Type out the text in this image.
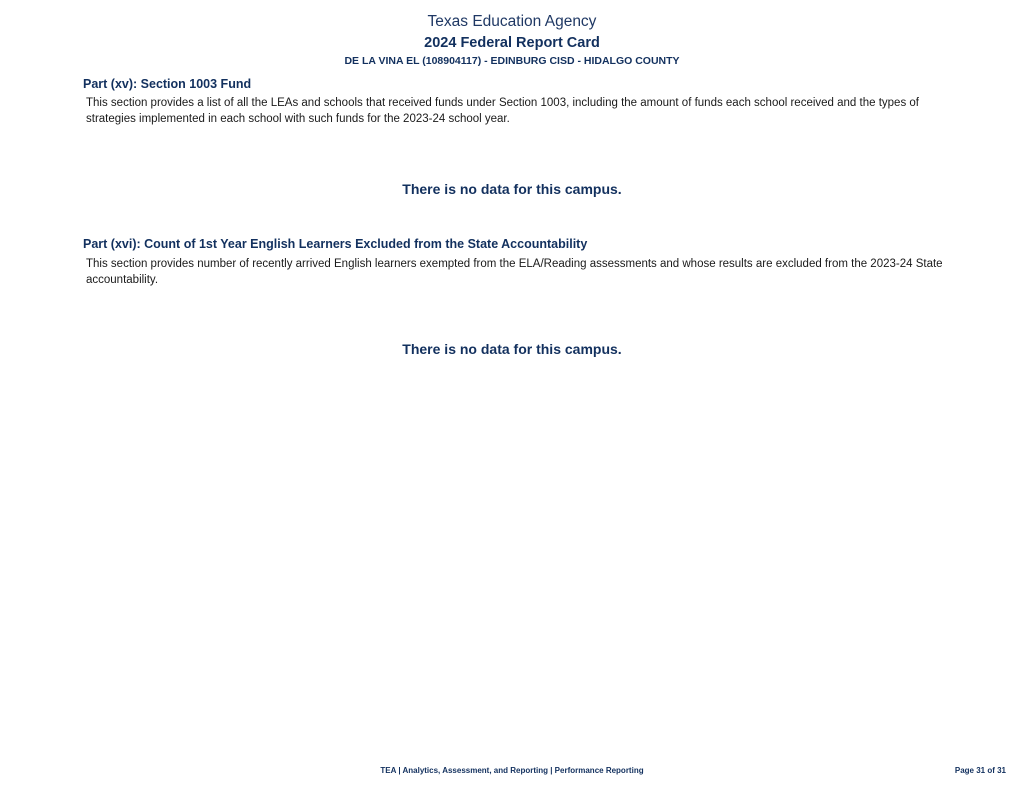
Texas Education Agency
2024 Federal Report Card
DE LA VINA EL (108904117) - EDINBURG CISD - HIDALGO COUNTY
Part (xv): Section 1003 Fund
This section provides a list of all the LEAs and schools that received funds under Section 1003, including the amount of funds each school received and the types of strategies implemented in each school with such funds for the 2023-24 school year.
There is no data for this campus.
Part (xvi): Count of 1st Year English Learners Excluded from the State Accountability
This section provides number of recently arrived English learners exempted from the ELA/Reading assessments and whose results are excluded from the 2023-24 State accountability.
There is no data for this campus.
TEA | Analytics, Assessment, and Reporting | Performance Reporting	Page 31 of 31
